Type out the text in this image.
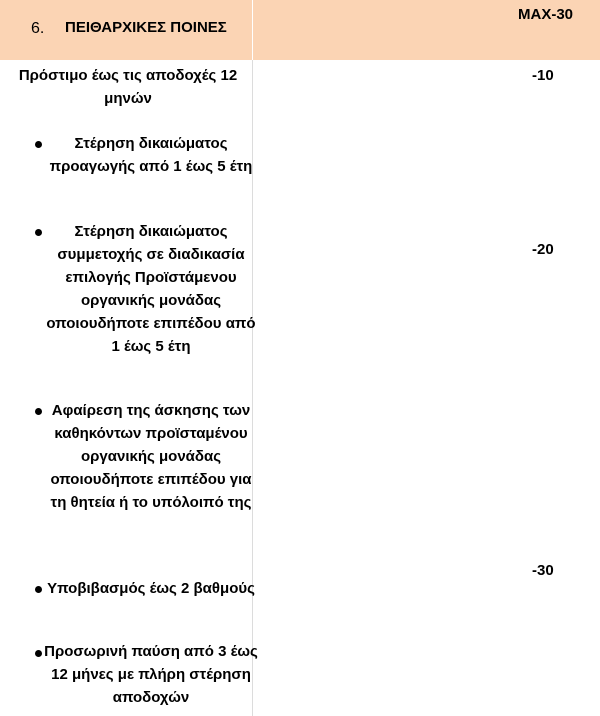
6. ΠΕΙΘΑΡΧΙΚΕΣ ΠΟΙΝΕΣ
MAX-30
Πρόστιμο έως τις αποδοχές 12 μηνών
-10
Στέρηση δικαιώματος προαγωγής από 1 έως 5 έτη
Στέρηση δικαιώματος συμμετοχής σε διαδικασία επιλογής Προϊστάμενου οργανικής μονάδας οποιουδήποτε επιπέδου από 1 έως 5 έτη
-20
Αφαίρεση της άσκησης των καθηκόντων προϊσταμένου οργανικής μονάδας οποιουδήποτε επιπέδου για τη θητεία ή το υπόλοιπό της
-30
Υποβιβασμός έως 2 βαθμούς
Προσωρινή παύση από 3 έως 12 μήνες με πλήρη στέρηση αποδοχών
